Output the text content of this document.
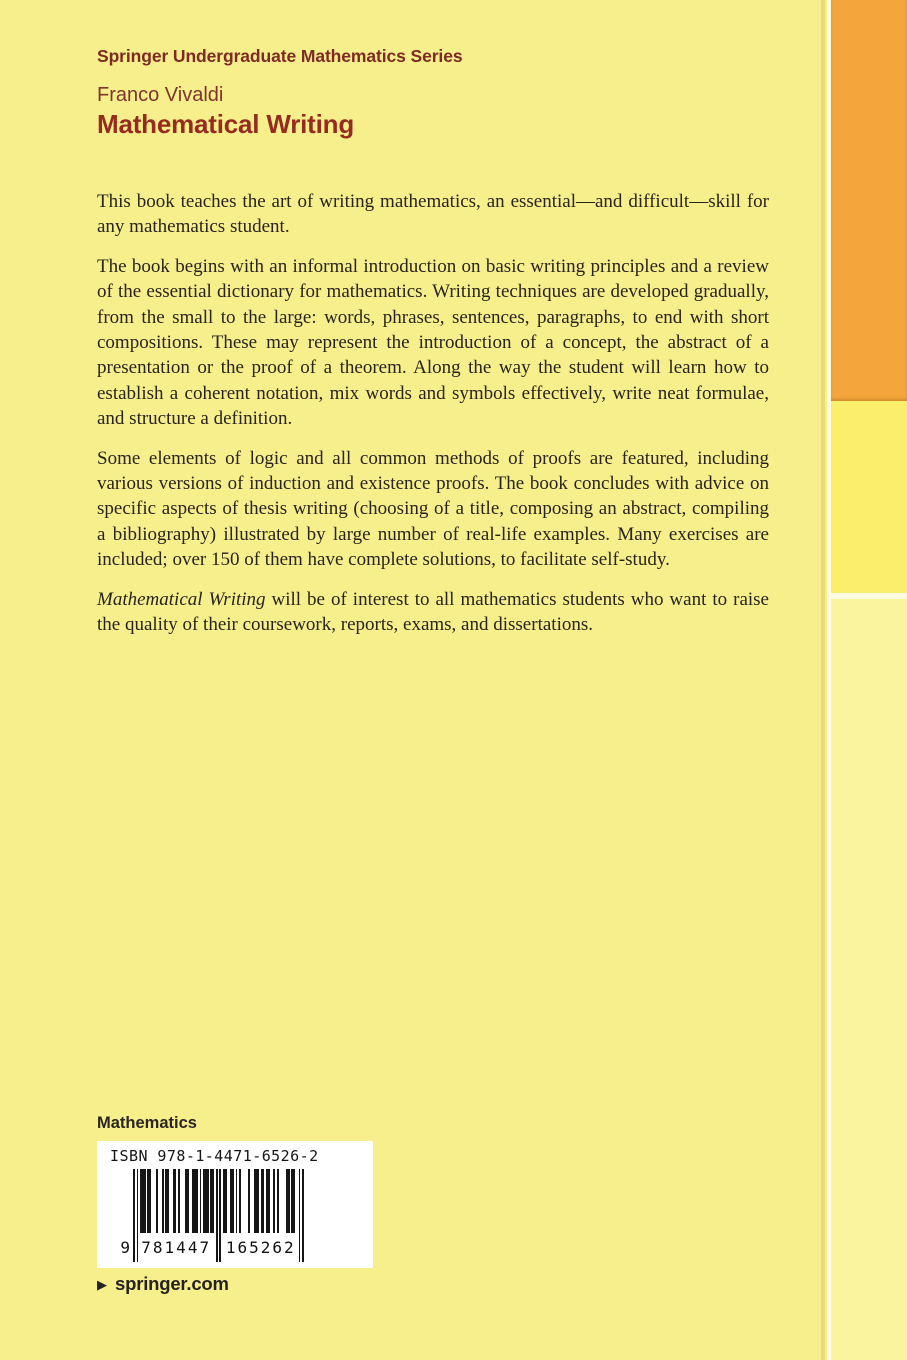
Springer Undergraduate Mathematics Series
Franco Vivaldi
Mathematical Writing

This book teaches the art of writing mathematics, an essential—and difficult—skill for any mathematics student.

The book begins with an informal introduction on basic writing principles and a review of the essential dictionary for mathematics. Writing techniques are developed gradually, from the small to the large: words, phrases, sentences, paragraphs, to end with short compositions. These may represent the introduction of a concept, the abstract of a presentation or the proof of a theorem. Along the way the student will learn how to establish a coherent notation, mix words and symbols effectively, write neat formulae, and structure a definition.

Some elements of logic and all common methods of proofs are featured, including various versions of induction and existence proofs. The book concludes with advice on specific aspects of thesis writing (choosing of a title, composing an abstract, compiling a bibliography) illustrated by large number of real-life examples. Many exercises are included; over 150 of them have complete solutions, to facilitate self-study.

Mathematical Writing will be of interest to all mathematics students who want to raise the quality of their coursework, reports, exams, and dissertations.

Mathematics
ISBN 978-1-4471-6526-2
9 781447 165262
▶ springer.com
